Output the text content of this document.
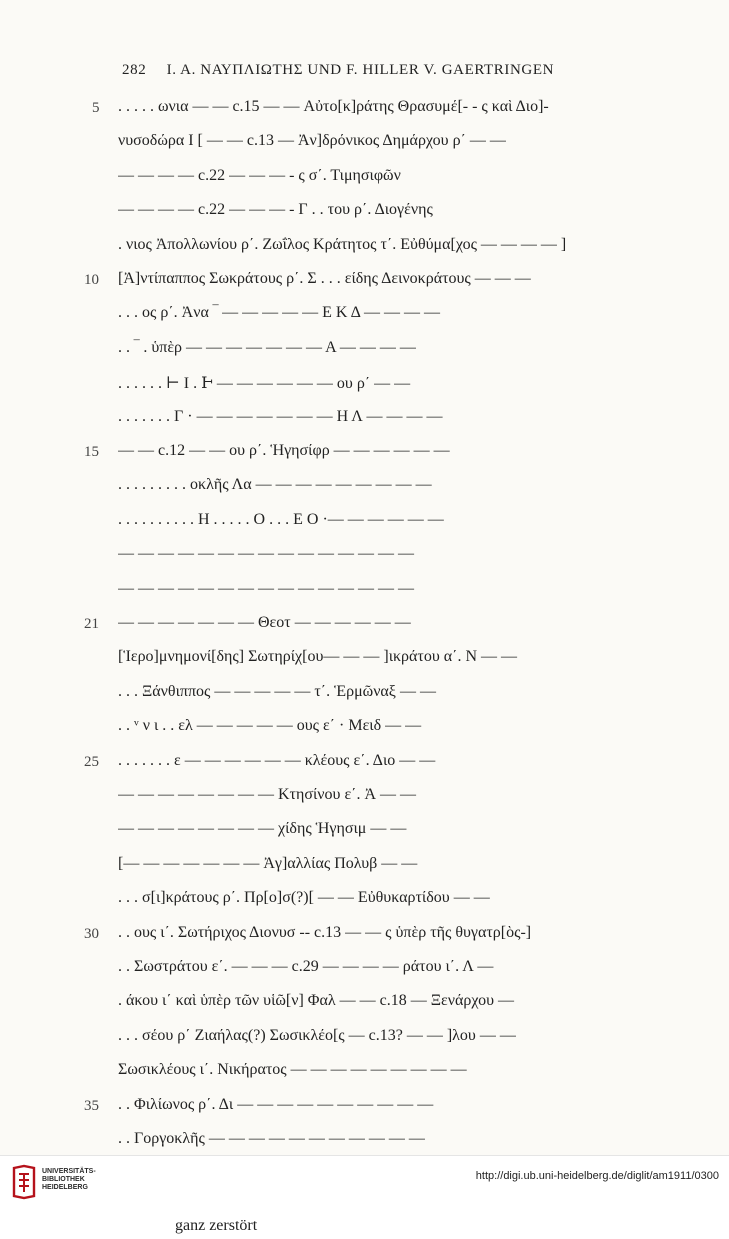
282 I. A. ΝΑΥΠΛΙΩΤΗΣ UND F. HILLER V. GAERTRINGEN
5
10
15
21
25
30
35
. . . . . ωνια — — c.15 — — Αὐτο[κ]ράτης Θρασυμέ[- - ς καὶ Διο]-
νυσοδώρα Ι [ — — c.13 — Ἀν]δρόνικος Δημάρχου ρ΄ — —
— — — — c.22 — — — - ς σ΄. Τιμησιφῶν
— — — — c.22 — — — - Γ . . του ρ΄. Διογένης
. νιος Ἀπολλωνίου ρ΄. Ζωΐλος Κράτητος τ΄. Εὐθύμα[χος — — — — ]
[Ἀ]ντίπαππος Σωκράτους ρ΄. Σ . . . είδης Δεινοκράτους — — —
. . . ος ρ΄. Ἀνα ‾ — — — — — Ε Κ Δ — — — —
. . ‾ . ὑπὲρ — — — — — — — Α — — — —
. . . . . . ⊢ Ι . Ͱ — — — — — — ου ρ΄ — —
. . . . . . . Γ · — — — — — — — Η Λ — — — —
— — c.12 — — ου ρ΄. Ἡγησίφρ — — — — — —
. . . . . . . . . οκλῆς Λα — — — — — — — — —
. . . . . . . . . . Η . . . . . Ο . . . Ε Ο ·— — — — — —
— — — — — — — — — — — — — — —
— — — — — — — — — — — — — — —
— — — — — — — Θεοτ — — — — — —
[Ἱερο]μνημονί[δης] Σωτηρίχ[ου— — — ]ικράτου α΄. Ν — —
. . . Ξάνθιππος — — — — — τ΄. Ἑρμῶναξ — —
. . ᵛ ν ι . . ελ — — — — — ους ε΄ · Μειδ — —
. . . . . . . ε — — — — — — κλέους ε΄. Διο — —
— — — — — — — — Κτησίνου ε΄. Ἀ — —
— — — — — — — — χίδης Ἡγησιμ — —
[— — — — — — — Ἀγ]αλλίας Πολυβ — —
. . . σ[ι]κράτους ρ΄. Πρ[ο]σ(?)[ — — Εὐθυκαρτίδου — —
. . ους ι΄. Σωτήριχος Διονυσ -- c.13 — — ς ὑπὲρ τῆς θυγατρ[ὸς-]
. . Σωστράτου ε΄. — — — c.29 — — — — ράτου ι΄. Λ —
. άκου ι΄ καὶ ὑπὲρ τῶν υἱῶ[ν] Φαλ — — c.18 — Ξενάρχου —
. . . σέου ρ΄ Ζιαήλας(?) Σωσικλέο[ς — c.13? — — ]λου — —
Σωσικλέους ι΄. Νικήρατος — — — — — — — — —
. . Φιλίωνος ρ΄. Δι — — — — — — — — — —
. . Γοργοκλῆς — — — — — — — — — — —
ganz zerstört
UNIVERSITÄTS-
BIBLIOTHEK
HEIDELBERG
http://digi.ub.uni-heidelberg.de/diglit/am1911/0300
